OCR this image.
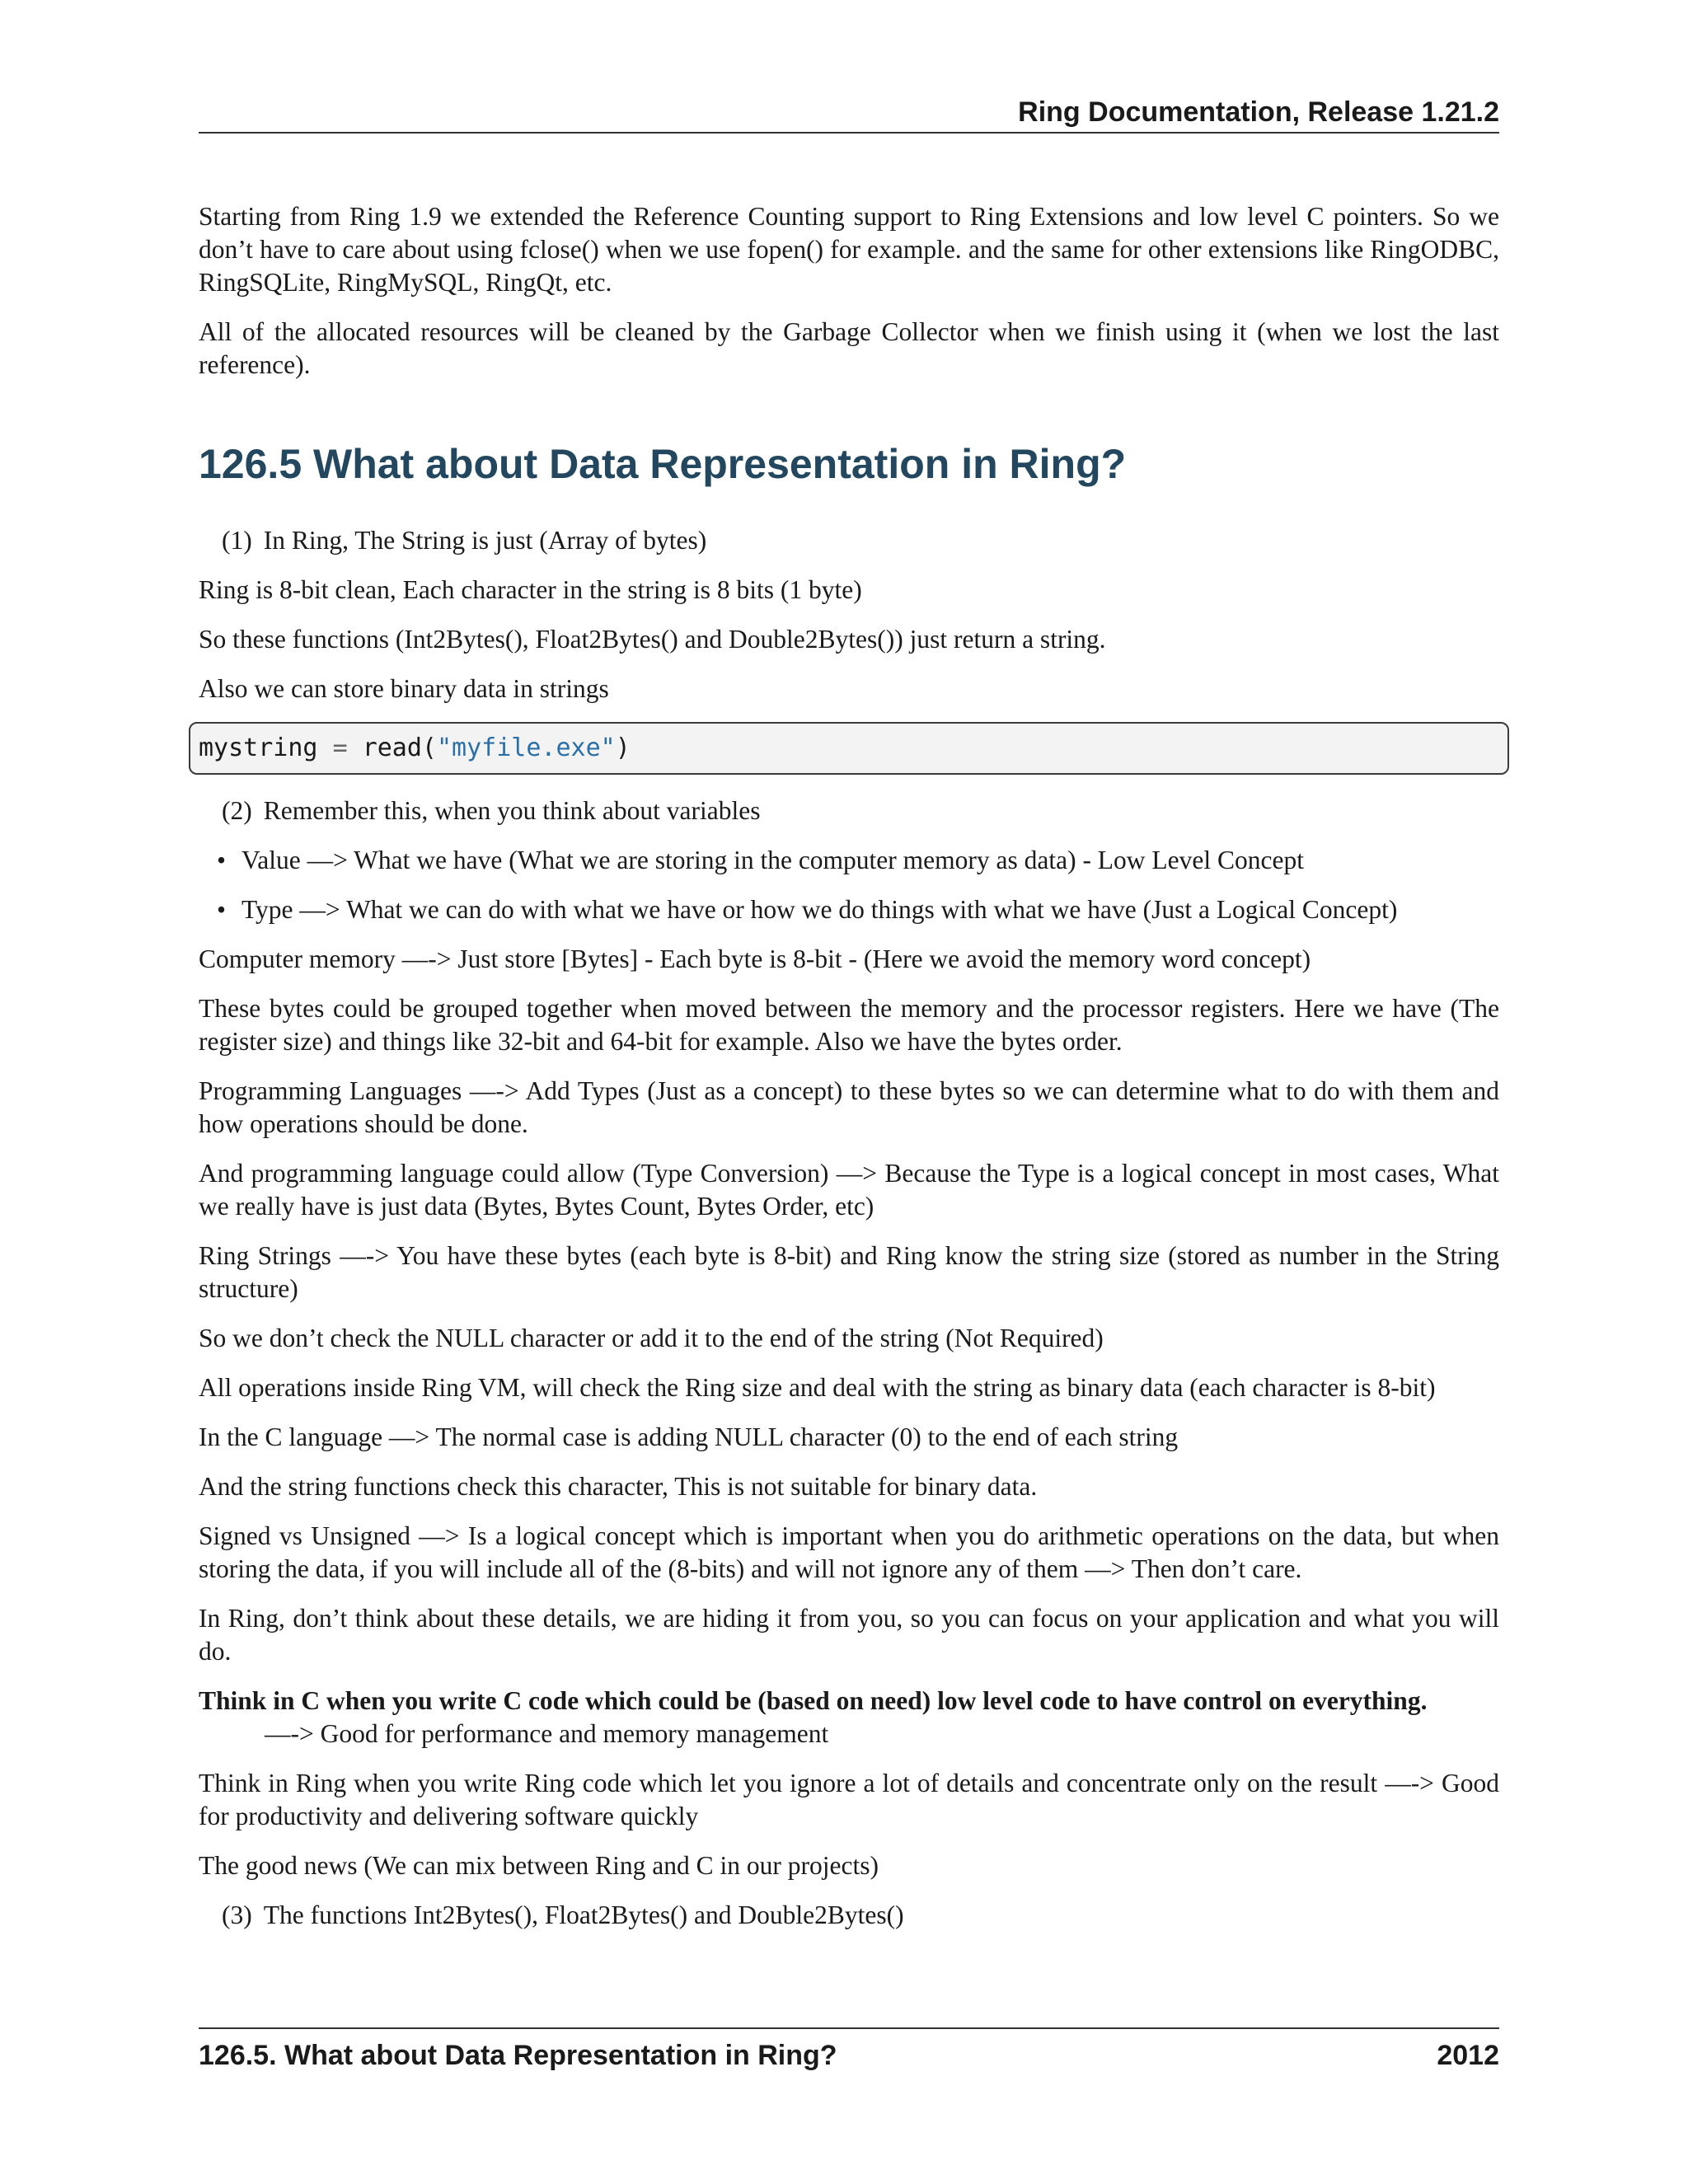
Ring Documentation, Release 1.21.2

Starting from Ring 1.9 we extended the Reference Counting support to Ring Extensions and low level C pointers. So we don’t have to care about using fclose() when we use fopen() for example. and the same for other extensions like RingODBC, RingSQLite, RingMySQL, RingQt, etc.

All of the allocated resources will be cleaned by the Garbage Collector when we finish using it (when we lost the last reference).

126.5 What about Data Representation in Ring?
(1) In Ring, The String is just (Array of bytes)

Ring is 8-bit clean, Each character in the string is 8 bits (1 byte)

So these functions (Int2Bytes(), Float2Bytes() and Double2Bytes()) just return a string.

Also we can store binary data in strings

mystring = read("myfile.exe")
(2) Remember this, when you think about variables
• Value —> What we have (What we are storing in the computer memory as data) - Low Level Concept
• Type —> What we can do with what we have or how we do things with what we have (Just a Logical Concept)

Computer memory —-> Just store [Bytes] - Each byte is 8-bit - (Here we avoid the memory word concept)

These bytes could be grouped together when moved between the memory and the processor registers. Here we have (The register size) and things like 32-bit and 64-bit for example. Also we have the bytes order.

Programming Languages —-> Add Types (Just as a concept) to these bytes so we can determine what to do with them and how operations should be done.

And programming language could allow (Type Conversion) —> Because the Type is a logical concept in most cases, What we really have is just data (Bytes, Bytes Count, Bytes Order, etc)

Ring Strings —-> You have these bytes (each byte is 8-bit) and Ring know the string size (stored as number in the String structure)

So we don’t check the NULL character or add it to the end of the string (Not Required)

All operations inside Ring VM, will check the Ring size and deal with the string as binary data (each character is 8-bit)

In the C language —> The normal case is adding NULL character (0) to the end of each string

And the string functions check this character, This is not suitable for binary data.

Signed vs Unsigned —> Is a logical concept which is important when you do arithmetic operations on the data, but when storing the data, if you will include all of the (8-bits) and will not ignore any of them —> Then don’t care.

In Ring, don’t think about these details, we are hiding it from you, so you can focus on your application and what you will do.

Think in C when you write C code which could be (based on need) low level code to have control on everything.
—-> Good for performance and memory management

Think in Ring when you write Ring code which let you ignore a lot of details and concentrate only on the result —-> Good for productivity and delivering software quickly

The good news (We can mix between Ring and C in our projects)

(3) The functions Int2Bytes(), Float2Bytes() and Double2Bytes()
126.5. What about Data Representation in Ring?	2012
